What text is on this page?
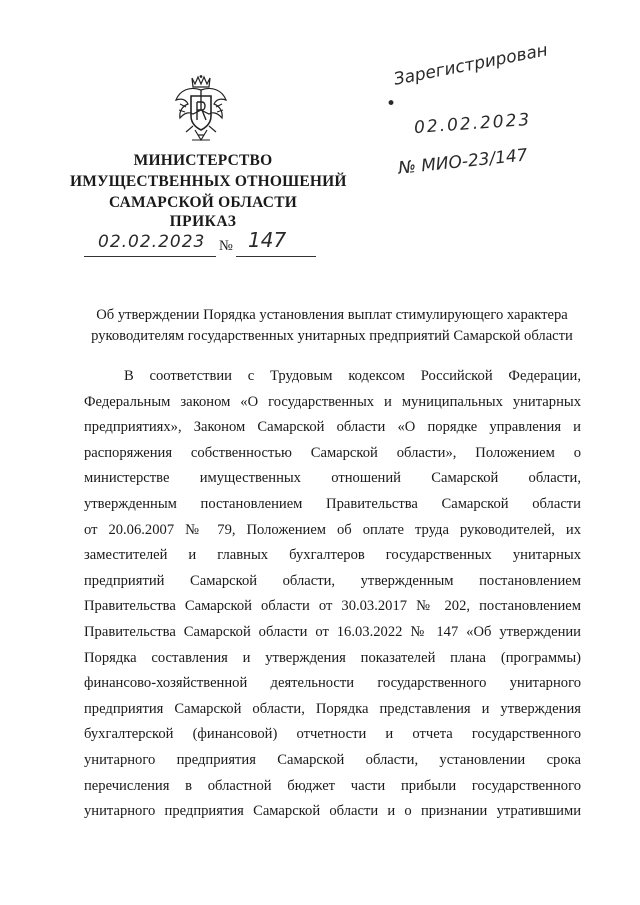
МИНИСТЕРСТВО
ИМУЩЕСТВЕННЫХ ОТНОШЕНИЙ
САМАРСКОЙ ОБЛАСТИ
ПРИКАЗ
02.02.2023 № 147
•
Зарегистрирован
02.02.2023
№ МИО-23/147
Об утверждении Порядка установления выплат стимулирующего характера
руководителям государственных унитарных предприятий Самарской области
В соответствии с Трудовым кодексом Российской Федерации,
Федеральным законом «О государственных и муниципальных унитарных
предприятиях», Законом Самарской области «О порядке управления и
распоряжения собственностью Самарской области», Положением о
министерстве имущественных отношений Самарской области,
утвержденным постановлением Правительства Самарской области
от 20.06.2007 № 79, Положением об оплате труда руководителей, их
заместителей и главных бухгалтеров государственных унитарных
предприятий Самарской области, утвержденным постановлением
Правительства Самарской области от 30.03.2017 № 202, постановлением
Правительства Самарской области от 16.03.2022 № 147 «Об утверждении
Порядка составления и утверждения показателей плана (программы)
финансово-хозяйственной деятельности государственного унитарного
предприятия Самарской области, Порядка представления и утверждения
бухгалтерской (финансовой) отчетности и отчета государственного
унитарного предприятия Самарской области, установлении срока
перечисления в областной бюджет части прибыли государственного
унитарного предприятия Самарской области и о признании утратившими
